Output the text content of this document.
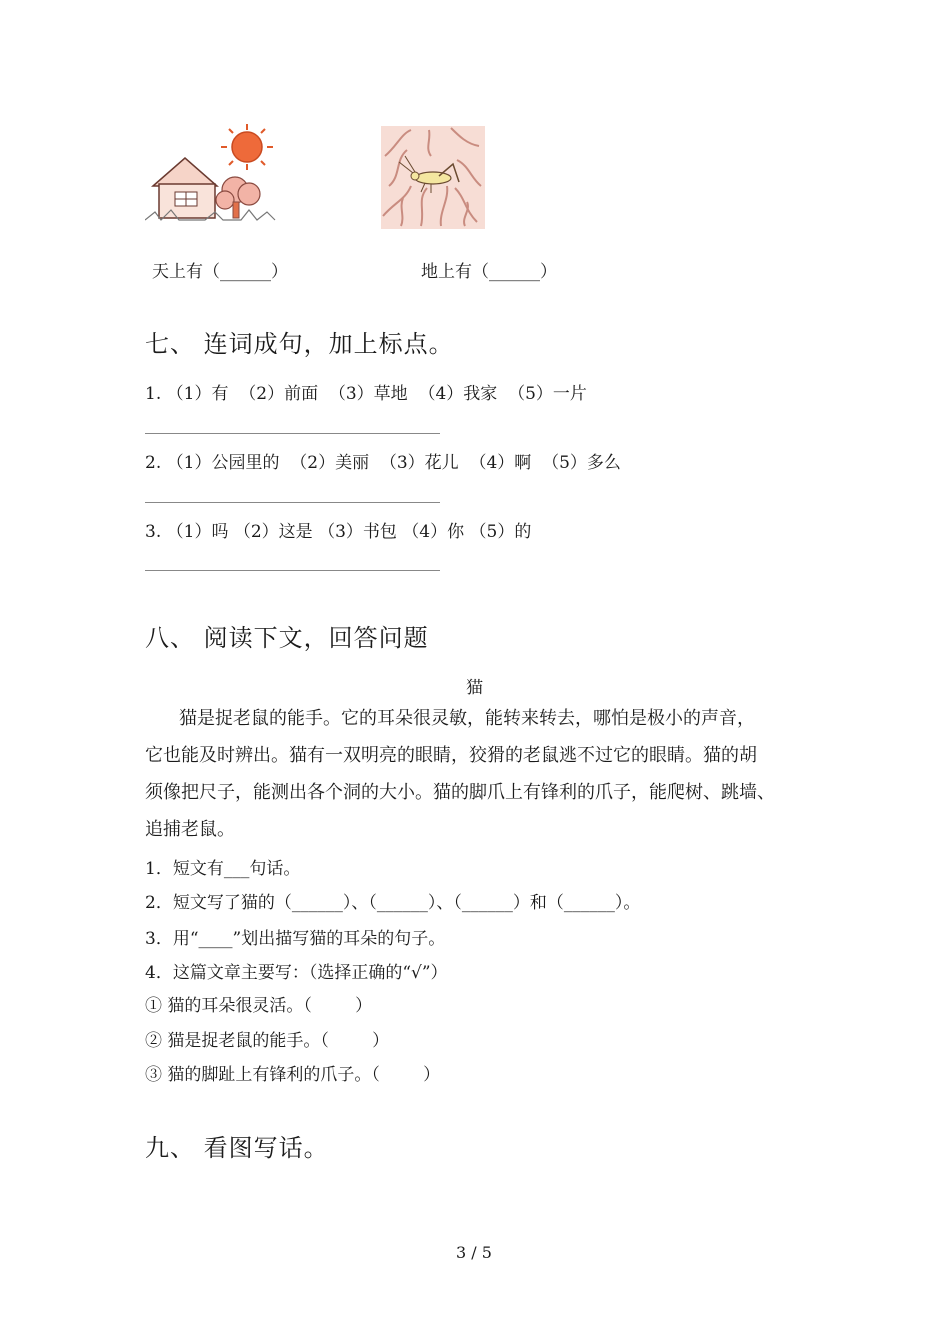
天上有（______）	地上有（______）
七、 连词成句，加上标点。
1. （1）有  （2）前面  （3）草地  （4）我家  （5）一片
2. （1）公园里的  （2）美丽  （3）花儿  （4）啊  （5）多么
3. （1）吗 （2）这是 （3）书包 （4）你 （5）的
八、 阅读下文，回答问题
猫
猫是捉老鼠的能手。它的耳朵很灵敏，能转来转去，哪怕是极小的声音，
它也能及时辨出。猫有一双明亮的眼睛，狡猾的老鼠逃不过它的眼睛。猫的胡
须像把尺子，能测出各个洞的大小。猫的脚爪上有锋利的爪子，能爬树、跳墙、
追捕老鼠。
1．短文有___句话。
2．短文写了猫的（______）、（______）、（______）和（______）。
3．用“____”划出描写猫的耳朵的句子。
4．这篇文章主要写：（选择正确的“√”）
① 猫的耳朵很灵活。（        ）
② 猫是捉老鼠的能手。（        ）
③ 猫的脚趾上有锋利的爪子。（        ）
九、 看图写话。
3 / 5
